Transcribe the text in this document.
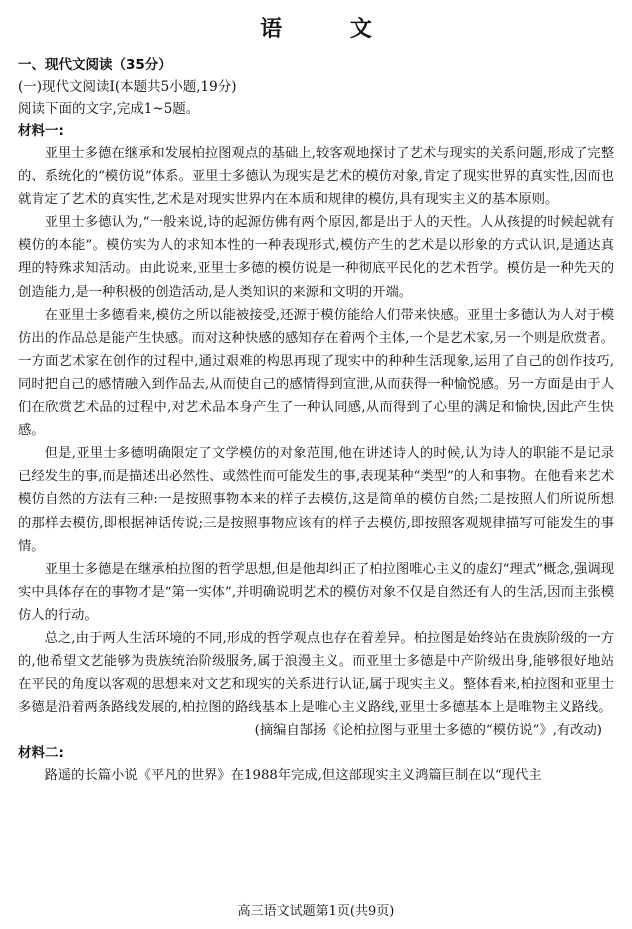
语 文
一、现代文阅读（35分）
(一)现代文阅读Ⅰ(本题共5小题,19分)
阅读下面的文字,完成1~5题。
材料一:

亚里士多德在继承和发展柏拉图观点的基础上,较客观地探讨了艺术与现实的关系问题,形成了完整的、系统化的“模仿说”体系。亚里士多德认为现实是艺术的模仿对象,肯定了现实世界的真实性,因而也就肯定了艺术的真实性,艺术是对现实世界内在本质和规律的模仿,具有现实主义的基本原则。

亚里士多德认为,“一般来说,诗的起源仿佛有两个原因,都是出于人的天性。人从孩提的时候起就有模仿的本能”。模仿实为人的求知本性的一种表现形式,模仿产生的艺术是以形象的方式认识,是通达真理的特殊求知活动。由此说来,亚里士多德的模仿说是一种彻底平民化的艺术哲学。模仿是一种先天的创造能力,是一种积极的创造活动,是人类知识的来源和文明的开端。

在亚里士多德看来,模仿之所以能被接受,还源于模仿能给人们带来快感。亚里士多德认为人对于模仿出的作品总是能产生快感。而对这种快感的感知存在着两个主体,一个是艺术家,另一个则是欣赏者。一方面艺术家在创作的过程中,通过艰难的构思再现了现实中的种种生活现象,运用了自己的创作技巧,同时把自己的感情融入到作品去,从而使自己的感情得到宣泄,从而获得一种愉悦感。另一方面是由于人们在欣赏艺术品的过程中,对艺术品本身产生了一种认同感,从而得到了心里的满足和愉快,因此产生快感。

但是,亚里士多德明确限定了文学模仿的对象范围,他在讲述诗人的时候,认为诗人的职能不是记录已经发生的事,而是描述出必然性、或然性而可能发生的事,表现某种“类型”的人和事物。在他看来艺术模仿自然的方法有三种:一是按照事物本来的样子去模仿,这是简单的模仿自然;二是按照人们所说所想的那样去模仿,即根据神话传说;三是按照事物应该有的样子去模仿,即按照客观规律描写可能发生的事情。

亚里士多德是在继承柏拉图的哲学思想,但是他却纠正了柏拉图唯心主义的虚幻“理式”概念,强调现实中具体存在的事物才是“第一实体”,并明确说明艺术的模仿对象不仅是自然还有人的生活,因而主张模仿人的行动。

总之,由于两人生活环境的不同,形成的哲学观点也存在着差异。柏拉图是始终站在贵族阶级的一方的,他希望文艺能够为贵族统治阶级服务,属于浪漫主义。而亚里士多德是中产阶级出身,能够很好地站在平民的角度以客观的思想来对文艺和现实的关系进行认证,属于现实主义。整体看来,柏拉图和亚里士多德是沿着两条路线发展的,柏拉图的路线基本上是唯心主义路线,亚里士多德基本上是唯物主义路线。

(摘编自郜扬《论柏拉图与亚里士多德的“模仿说”》,有改动)
材料二:

路遥的长篇小说《平凡的世界》在1988年完成,但这部现实主义鸿篇巨制在以“现代主

高三语文试题第1页(共9页)
